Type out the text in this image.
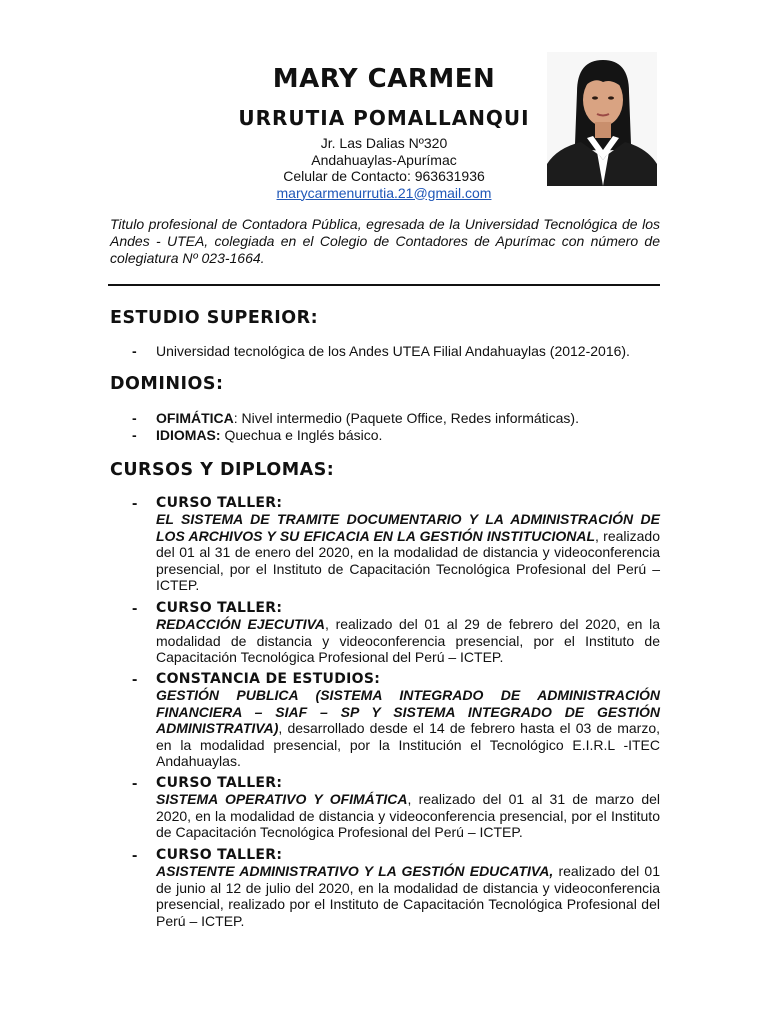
MARY CARMEN
URRUTIA POMALLANQUI
Jr. Las Dalias Nº320
Andahuaylas-Apurímac
Celular de Contacto: 963631936
marycarmenurrutia.21@gmail.com
Titulo profesional de Contadora Pública, egresada de la Universidad Tecnológica de los Andes - UTEA, colegiada en el Colegio de Contadores de Apurímac con número de colegiatura Nº 023-1664.
ESTUDIO SUPERIOR:
- Universidad tecnológica de los Andes UTEA Filial Andahuaylas (2012-2016).
DOMINIOS:
- OFIMÁTICA: Nivel intermedio (Paquete Office, Redes informáticas).
- IDIOMAS: Quechua e Inglés básico.
CURSOS Y DIPLOMAS:
- CURSO TALLER:
EL SISTEMA DE TRAMITE DOCUMENTARIO Y LA ADMINISTRACIÓN DE LOS ARCHIVOS Y SU EFICACIA EN LA GESTIÓN INSTITUCIONAL, realizado del 01 al 31 de enero del 2020, en la modalidad de distancia y videoconferencia presencial, por el Instituto de Capacitación Tecnológica Profesional del Perú – ICTEP.
- CURSO TALLER:
REDACCIÓN EJECUTIVA, realizado del 01 al 29 de febrero del 2020, en la modalidad de distancia y videoconferencia presencial, por el Instituto de Capacitación Tecnológica Profesional del Perú – ICTEP.
- CONSTANCIA DE ESTUDIOS:
GESTIÓN PUBLICA (SISTEMA INTEGRADO DE ADMINISTRACIÓN FINANCIERA – SIAF – SP Y SISTEMA INTEGRADO DE GESTIÓN ADMINISTRATIVA), desarrollado desde el 14 de febrero hasta el 03 de marzo, en la modalidad presencial, por la Institución el Tecnológico E.I.R.L -ITEC Andahuaylas.
- CURSO TALLER:
SISTEMA OPERATIVO Y OFIMÁTICA, realizado del 01 al 31 de marzo del 2020, en la modalidad de distancia y videoconferencia presencial, por el Instituto de Capacitación Tecnológica Profesional del Perú – ICTEP.
- CURSO TALLER:
ASISTENTE ADMINISTRATIVO Y LA GESTIÓN EDUCATIVA, realizado del 01 de junio al 12 de julio del 2020, en la modalidad de distancia y videoconferencia presencial, realizado por el Instituto de Capacitación Tecnológica Profesional del Perú – ICTEP.
